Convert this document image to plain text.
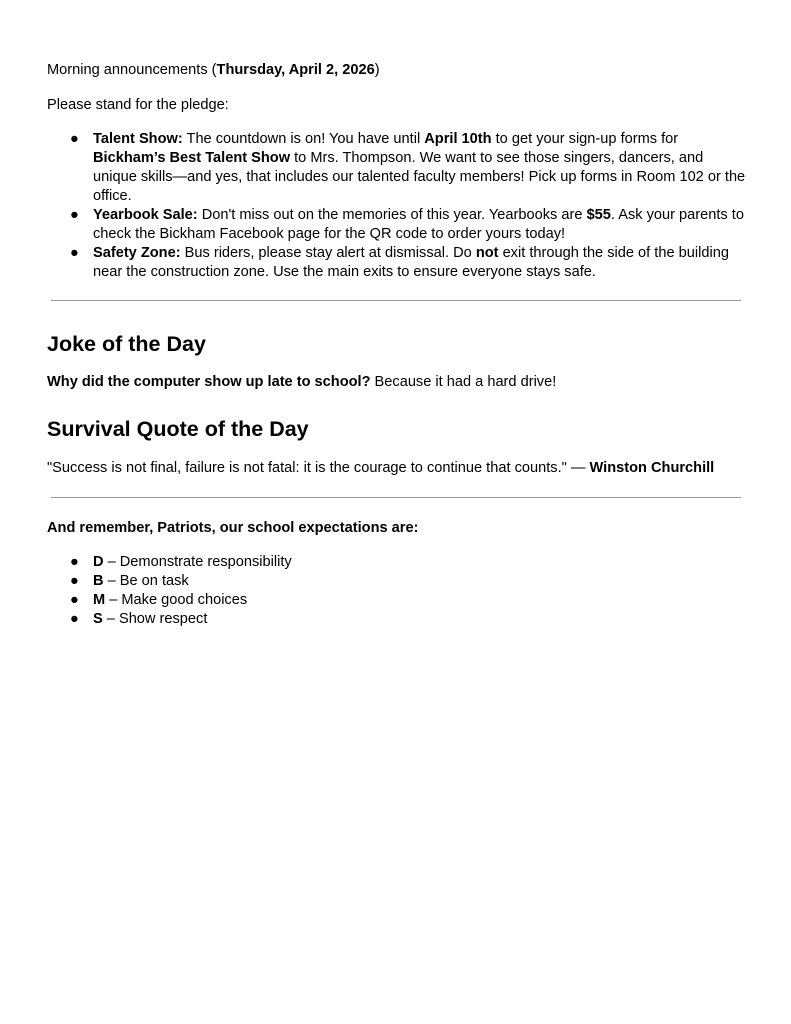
Morning announcements (Thursday, April 2, 2026)

Please stand for the pledge:

● Talent Show: The countdown is on! You have until April 10th to get your sign-up forms for Bickham’s Best Talent Show to Mrs. Thompson. We want to see those singers, dancers, and unique skills—and yes, that includes our talented faculty members! Pick up forms in Room 102 or the office.
● Yearbook Sale: Don't miss out on the memories of this year. Yearbooks are $55. Ask your parents to check the Bickham Facebook page for the QR code to order yours today!
● Safety Zone: Bus riders, please stay alert at dismissal. Do not exit through the side of the building near the construction zone. Use the main exits to ensure everyone stays safe.
Joke of the Day

Why did the computer show up late to school? Because it had a hard drive!

Survival Quote of the Day

"Success is not final, failure is not fatal: it is the courage to continue that counts." — Winston Churchill

And remember, Patriots, our school expectations are:

● D – Demonstrate responsibility
● B – Be on task
● M – Make good choices
● S – Show respect
